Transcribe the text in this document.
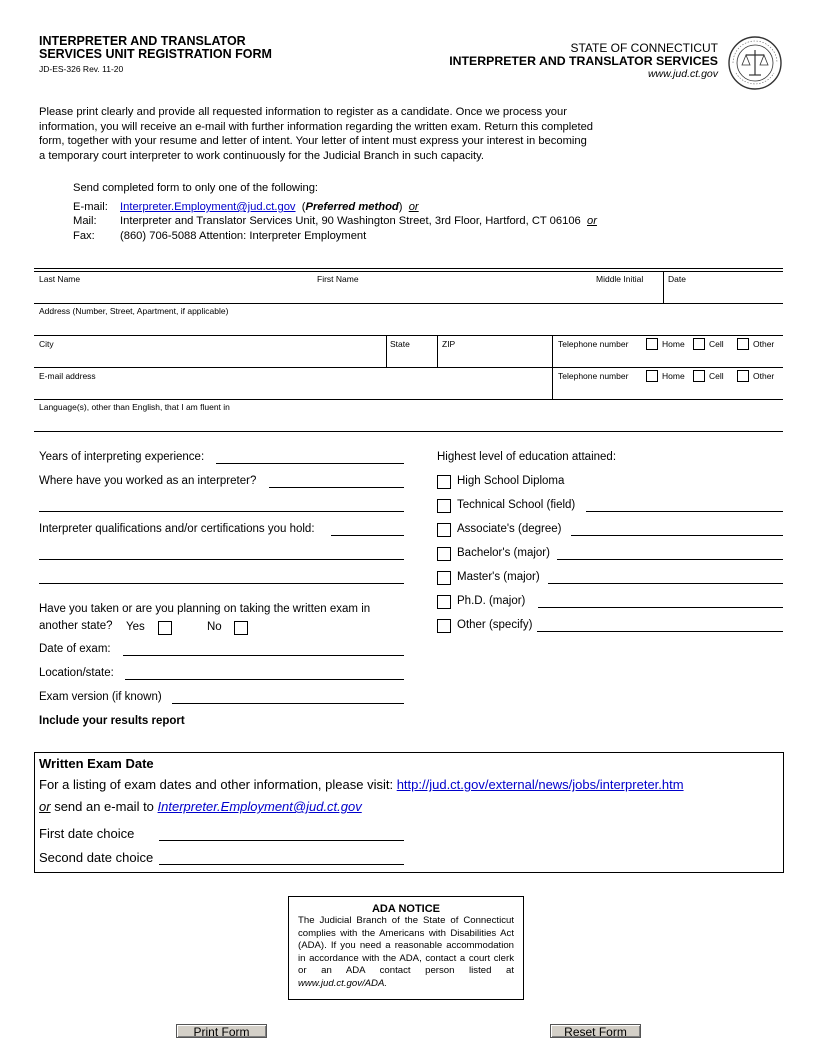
INTERPRETER AND TRANSLATOR
SERVICES UNIT REGISTRATION FORM
JD-ES-326 Rev. 11-20
STATE OF CONNECTICUT
INTERPRETER AND TRANSLATOR SERVICES
www.jud.ct.gov
Please print clearly and provide all requested information to register as a candidate. Once we process your
information, you will receive an e-mail with further information regarding the written exam. Return this completed
form, together with your resume and letter of intent. Your letter of intent must express your interest in becoming
a temporary court interpreter to work continuously for the Judicial Branch in such capacity.
Send completed form to only one of the following:
E-mail: Interpreter.Employment@jud.ct.gov (Preferred method) or
Mail: Interpreter and Translator Services Unit, 90 Washington Street, 3rd Floor, Hartford, CT 06106 or
Fax: (860) 706-5088 Attention: Interpreter Employment
Last Name	First Name	Middle Initial	Date
Address (Number, Street, Apartment, if applicable)
City	State	ZIP	Telephone number	Home	Cell	Other
E-mail address	Telephone number	Home	Cell	Other
Language(s), other than English, that I am fluent in
Years of interpreting experience:
Where have you worked as an interpreter?
Interpreter qualifications and/or certifications you hold:
Have you taken or are you planning on taking the written exam in
another state? Yes	No
Date of exam:
Location/state:
Exam version (if known)
Include your results report
Highest level of education attained:
High School Diploma
Technical School (field)
Associate's (degree)
Bachelor's (major)
Master's (major)
Ph.D. (major)
Other (specify)
Written Exam Date
For a listing of exam dates and other information, please visit: http://jud.ct.gov/external/news/jobs/interpreter.htm
or send an e-mail to Interpreter.Employment@jud.ct.gov
First date choice
Second date choice
ADA NOTICE
The Judicial Branch of the State of Connecticut complies with the Americans with Disabilities Act (ADA). If you need a reasonable accommodation in accordance with the ADA, contact a court clerk or an ADA contact person listed at www.jud.ct.gov/ADA.
Print Form	Reset Form
